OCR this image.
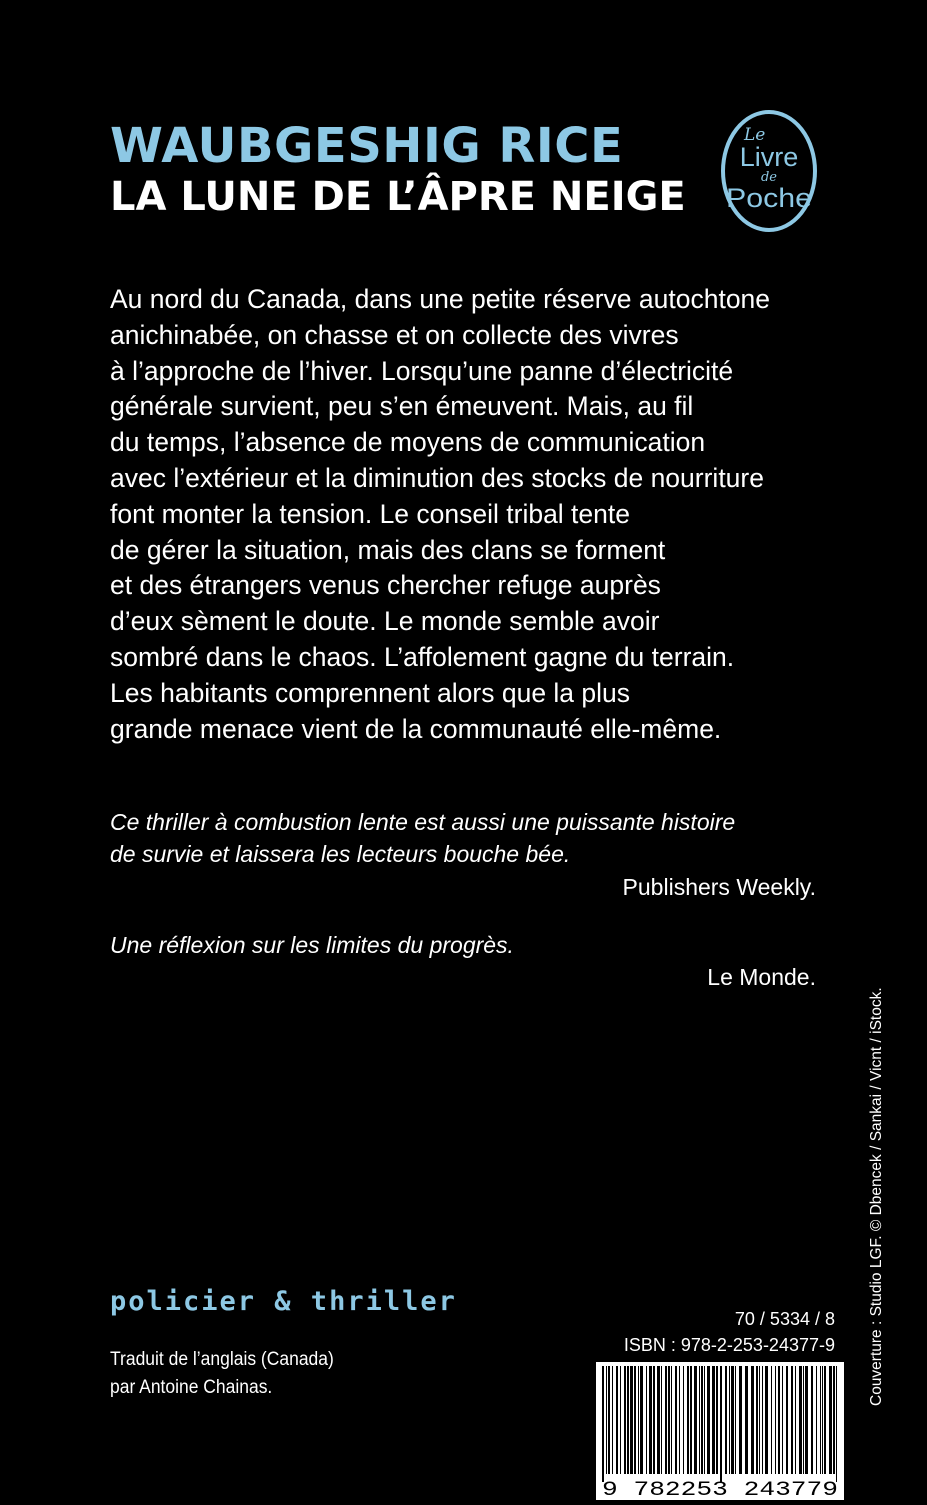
WAUBGESHIG RICE
LA LUNE DE L’ÂPRE NEIGE
Le
Livre
de
Poche

Au nord du Canada, dans une petite réserve autochtone
anichinabée, on chasse et on collecte des vivres
à l’approche de l’hiver. Lorsqu’une panne d’électricité
générale survient, peu s’en émeuvent. Mais, au fil
du temps, l’absence de moyens de communication
avec l’extérieur et la diminution des stocks de nourriture
font monter la tension. Le conseil tribal tente
de gérer la situation, mais des clans se forment
et des étrangers venus chercher refuge auprès
d’eux sèment le doute. Le monde semble avoir
sombré dans le chaos. L’affolement gagne du terrain.
Les habitants comprennent alors que la plus
grande menace vient de la communauté elle-même.

Ce thriller à combustion lente est aussi une puissante histoire
de survie et laissera les lecteurs bouche bée.

Publishers Weekly.

Une réflexion sur les limites du progrès.

Le Monde.
policier & thriller

Traduit de l’anglais (Canada)
par Antoine Chainas.

70 / 5334 / 8
ISBN : 978-2-253-24377-9
9 782253 243779
Couverture : Studio LGF. © Dbencek / Sankai / Vicnt / iStock.
